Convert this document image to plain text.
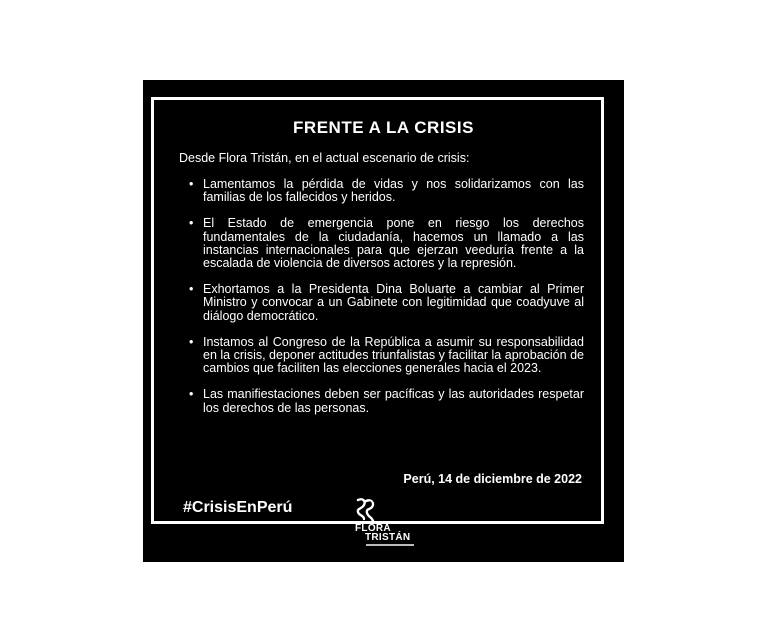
FRENTE A LA CRISIS
Desde Flora Tristán, en el actual escenario de crisis:
• Lamentamos la pérdida de vidas y nos solidarizamos con las familias de los fallecidos y heridos.
• El Estado de emergencia pone en riesgo los derechos fundamentales de la ciudadanía, hacemos un llamado a las instancias internacionales para que ejerzan veeduría frente a la escalada de violencia de diversos actores y la represión.
• Exhortamos a la Presidenta Dina Boluarte a cambiar al Primer Ministro y convocar a un Gabinete con legitimidad que coadyuve al diálogo democrático.
• Instamos al Congreso de la República a asumir su responsabilidad en la crisis, deponer actitudes triunfalistas y facilitar la aprobación de cambios que faciliten las elecciones generales hacia el 2023.
• Las manifiestaciones deben ser pacíficas y las autoridades respetar los derechos de las personas.
Perú, 14 de diciembre de 2022
#CrisisEnPerú
FLORA
TRISTÁN
